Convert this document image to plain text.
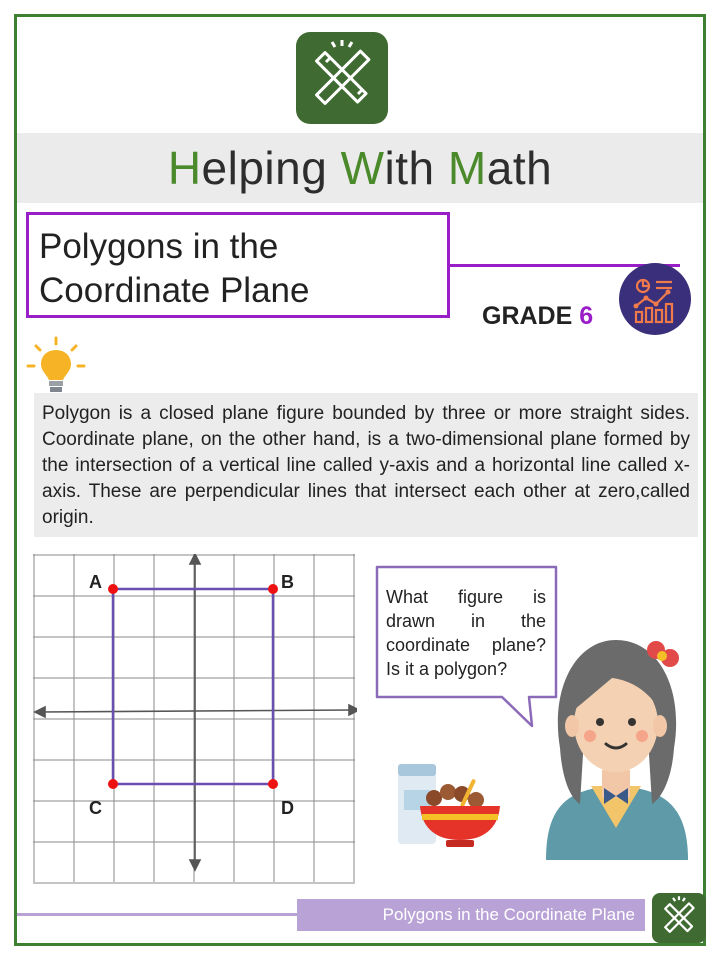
Helping With Math
Polygons in the
Coordinate Plane
GRADE 6

Polygon is a closed plane figure bounded by three or more straight sides. Coordinate plane, on the other hand, is a two-dimensional plane formed by the intersection of a vertical line called y-axis and a horizontal line called x-axis. These are perpendicular lines that intersect each other at zero,called origin.

A	B
C	D
What figure is drawn in the coordinate plane? Is it a polygon?
Polygons in the Coordinate Plane
